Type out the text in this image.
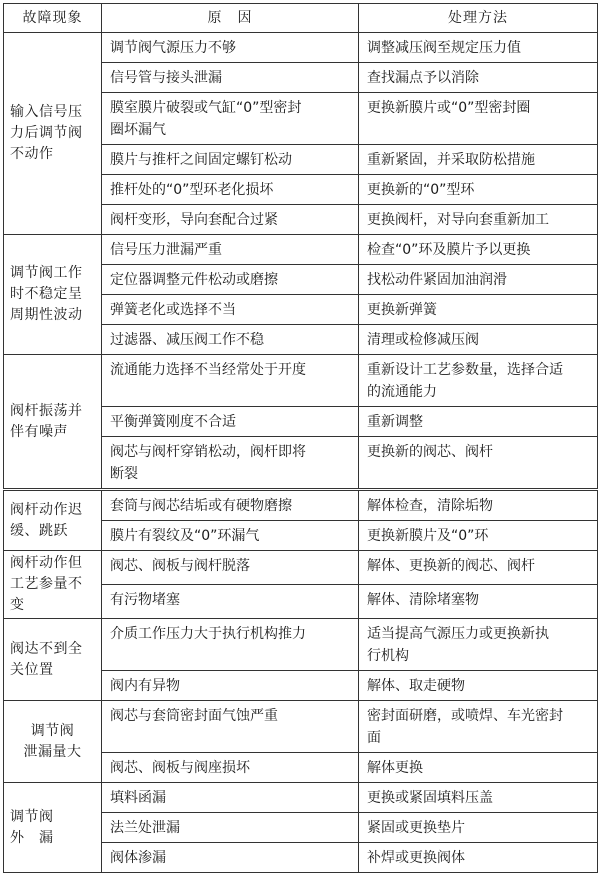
故障现象	原　因	处理方法

输入信号压
力后调节阀
不动作	调节阀气源压力不够	调整减压阀至规定压力值

	信号管与接头泄漏	查找漏点予以消除

	膜室膜片破裂或气缸“0”型密封
圈坏漏气	更换新膜片或“0”型密封圈

	膜片与推杆之间固定螺钉松动	重新紧固，并采取防松措施

	推杆处的“0”型环老化损坏	更换新的“0”型环

	阀杆变形，导向套配合过紧	更换阀杆，对导向套重新加工

调节阀工作
时不稳定呈
周期性波动	信号压力泄漏严重	检查“0”环及膜片予以更换

	定位器调整元件松动或磨擦	找松动件紧固加油润滑

	弹簧老化或选择不当	更换新弹簧

	过滤器、减压阀工作不稳	清理或检修减压阀

阀杆振荡并
伴有噪声	流通能力选择不当经常处于开度	重新设计工艺参数量，选择合适
的流通能力

	平衡弹簧刚度不合适	重新调整

	阀芯与阀杆穿销松动，阀杆即将
断裂	更换新的阀芯、阀杆

阀杆动作迟
缓、跳跃	套筒与阀芯结垢或有硬物磨擦	解体检查，清除垢物

	膜片有裂纹及“0”环漏气	更换新膜片及“0”环

阀杆动作但
工艺参量不
变	阀芯、阀板与阀杆脱落	解体、更换新的阀芯、阀杆

	有污物堵塞	解体、清除堵塞物

阀达不到全
关位置	介质工作压力大于执行机构推力	适当提高气源压力或更换新执
行机构

	阀内有异物	解体、取走硬物

调节阀
泄漏量大	阀芯与套筒密封面气蚀严重	密封面研磨，或喷焊、车光密封
面

	阀芯、阀板与阀座损坏	解体更换

调节阀
外　漏	填料函漏	更换或紧固填料压盖

	法兰处泄漏	紧固或更换垫片

	阀体渗漏	补焊或更换阀体
